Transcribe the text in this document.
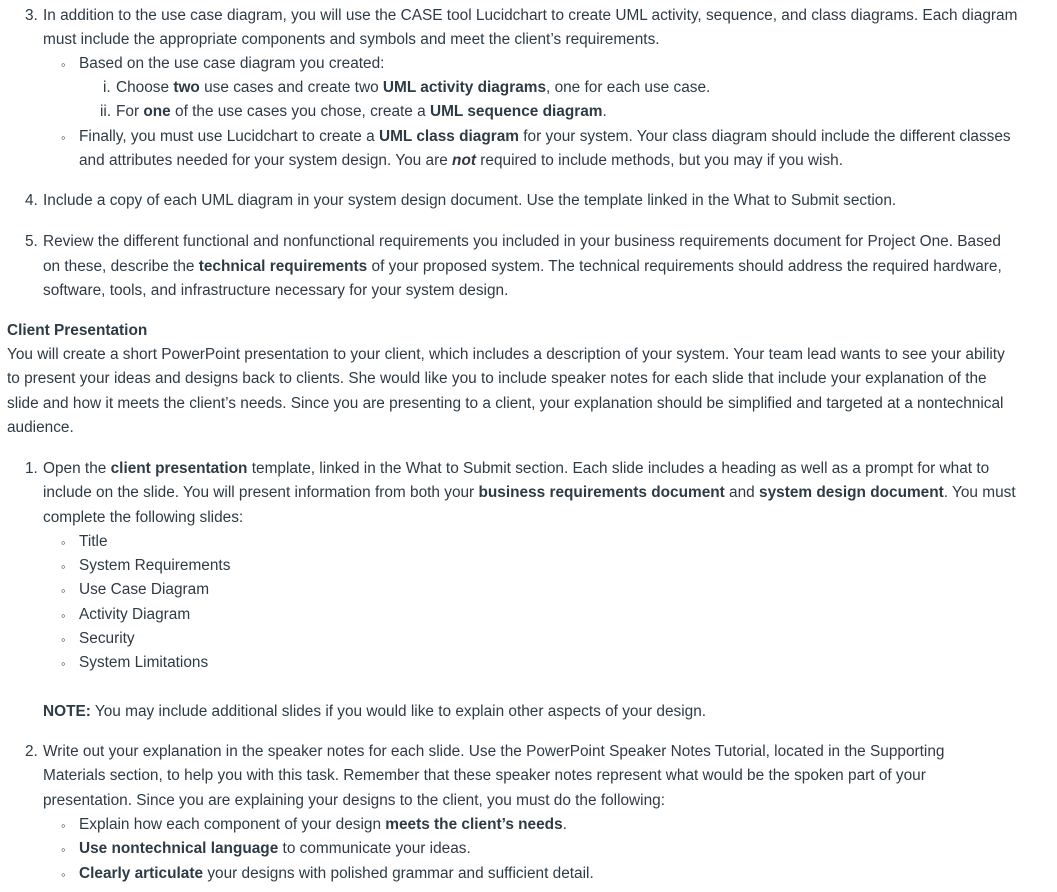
3. In addition to the use case diagram, you will use the CASE tool Lucidchart to create UML activity, sequence, and class diagrams. Each diagram
must include the appropriate components and symbols and meet the client’s requirements.
◦ Based on the use case diagram you created:
i. Choose two use cases and create two UML activity diagrams, one for each use case.
ii. For one of the use cases you chose, create a UML sequence diagram.
◦ Finally, you must use Lucidchart to create a UML class diagram for your system. Your class diagram should include the different classes
and attributes needed for your system design. You are not required to include methods, but you may if you wish.
4. Include a copy of each UML diagram in your system design document. Use the template linked in the What to Submit section.
5. Review the different functional and nonfunctional requirements you included in your business requirements document for Project One. Based
on these, describe the technical requirements of your proposed system. The technical requirements should address the required hardware,
software, tools, and infrastructure necessary for your system design.
Client Presentation
You will create a short PowerPoint presentation to your client, which includes a description of your system. Your team lead wants to see your ability
to present your ideas and designs back to clients. She would like you to include speaker notes for each slide that include your explanation of the
slide and how it meets the client’s needs. Since you are presenting to a client, your explanation should be simplified and targeted at a nontechnical
audience.
1. Open the client presentation template, linked in the What to Submit section. Each slide includes a heading as well as a prompt for what to
include on the slide. You will present information from both your business requirements document and system design document. You must
complete the following slides:
◦ Title
◦ System Requirements
◦ Use Case Diagram
◦ Activity Diagram
◦ Security
◦ System Limitations
NOTE: You may include additional slides if you would like to explain other aspects of your design.
2. Write out your explanation in the speaker notes for each slide. Use the PowerPoint Speaker Notes Tutorial, located in the Supporting
Materials section, to help you with this task. Remember that these speaker notes represent what would be the spoken part of your
presentation. Since you are explaining your designs to the client, you must do the following:
◦ Explain how each component of your design meets the client’s needs.
◦ Use nontechnical language to communicate your ideas.
◦ Clearly articulate your designs with polished grammar and sufficient detail.
